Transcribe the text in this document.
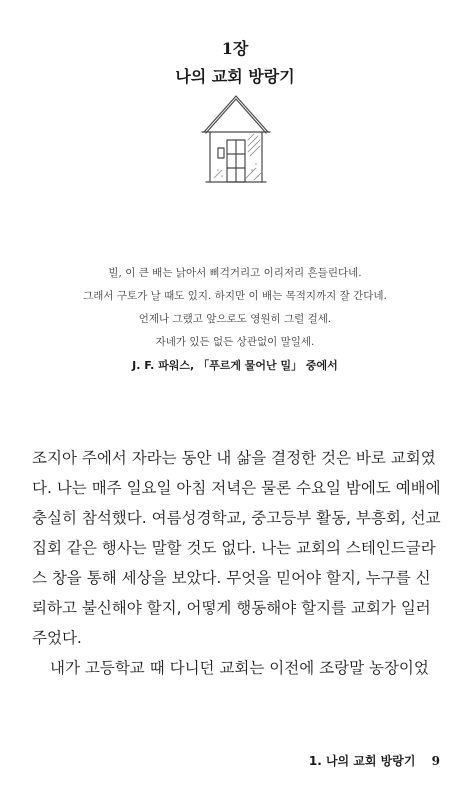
1장
나의 교회 방랑기
빌, 이 큰 배는 낡아서 삐걱거리고 이리저리 흔들린다네.
그래서 구토가 날 때도 있지. 하지만 이 배는 목적지까지 잘 간다네.
언제나 그랬고 앞으로도 영원히 그럴 걸세.
자네가 있든 없든 상관없이 말일세.
J. F. 파워스, 「푸르게 물어난 밀」 중에서
조지아 주에서 자라는 동안 내 삶을 결정한 것은 바로 교회였
다. 나는 매주 일요일 아침 저녁은 물론 수요일 밤에도 예배에
충실히 참석했다. 여름성경학교, 중고등부 활동, 부흥회, 선교
집회 같은 행사는 말할 것도 없다. 나는 교회의 스테인드글라
스 창을 통해 세상을 보았다. 무엇을 믿어야 할지, 누구를 신
뢰하고 불신해야 할지, 어떻게 행동해야 할지를 교회가 일러
주었다.
내가 고등학교 때 다니던 교회는 이전에 조랑말 농장이었
1. 나의 교회 방랑기 9
